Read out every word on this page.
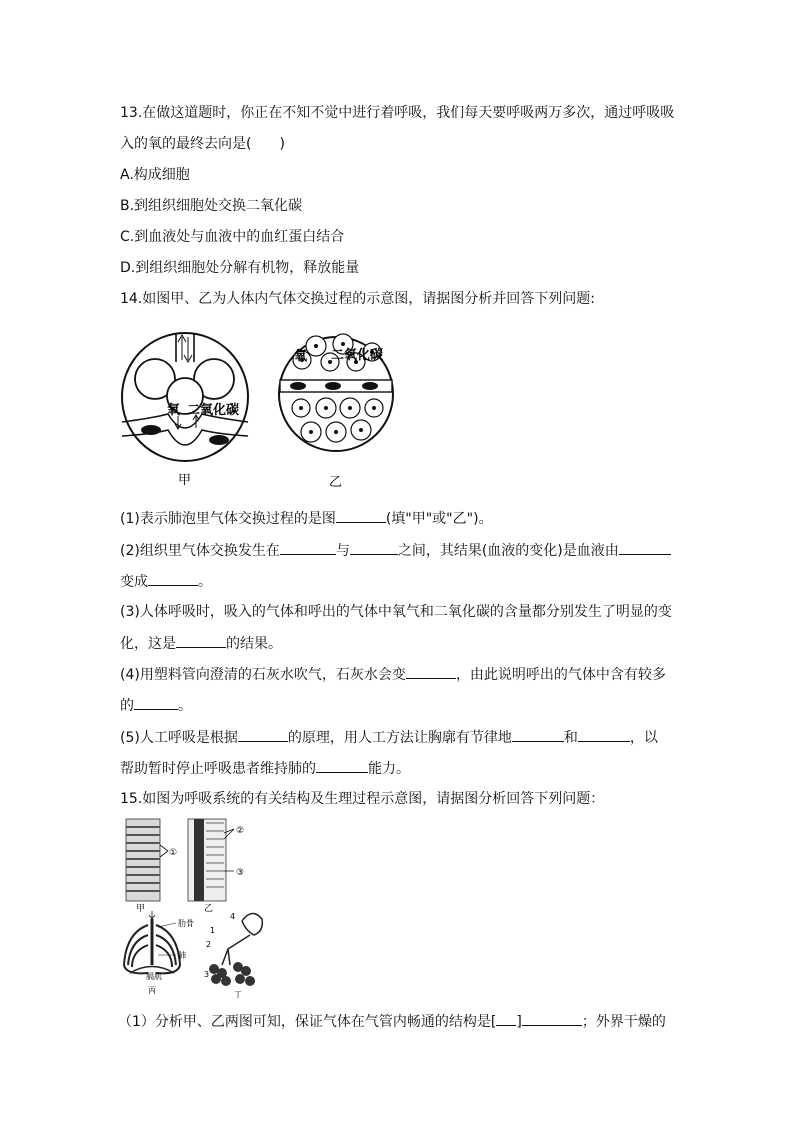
13.在做这道题时，你正在不知不觉中进行着呼吸，我们每天要呼吸两万多次，通过呼吸吸
入的氧的最终去向是(　　)
A.构成细胞
B.到组织细胞处交换二氧化碳
C.到血液处与血液中的血红蛋白结合
D.到组织细胞处分解有机物，释放能量
14.如图甲、乙为人体内气体交换过程的示意图，请据图分析并回答下列问题:
氧 二氧化碳
氧 二氧化碳
甲	乙
(1)表示肺泡里气体交换过程的是图	(填"甲"或"乙")。
(2)组织里气体交换发生在	与	之间，其结果(血液的变化)是血液由
变成	。
(3)人体呼吸时，吸入的气体和呼出的气体中氧气和二氧化碳的含量都分别发生了明显的变
化，这是	的结果。
(4)用塑料管向澄清的石灰水吹气，石灰水会变	，由此说明呼出的气体中含有较多
的	。
(5)人工呼吸是根据	的原理，用人工方法让胸廓有节律地	和	，以
帮助暂时停止呼吸患者维持肺的	能力。
15.如图为呼吸系统的有关结构及生理过程示意图，请据图分析回答下列问题：
①
甲
②
③
乙
肋骨
肺
膈肌
丙
4
1
2
3
丁
（1）分析甲、乙两图可知，保证气体在气管内畅通的结构是[ ]	；外界干燥的
